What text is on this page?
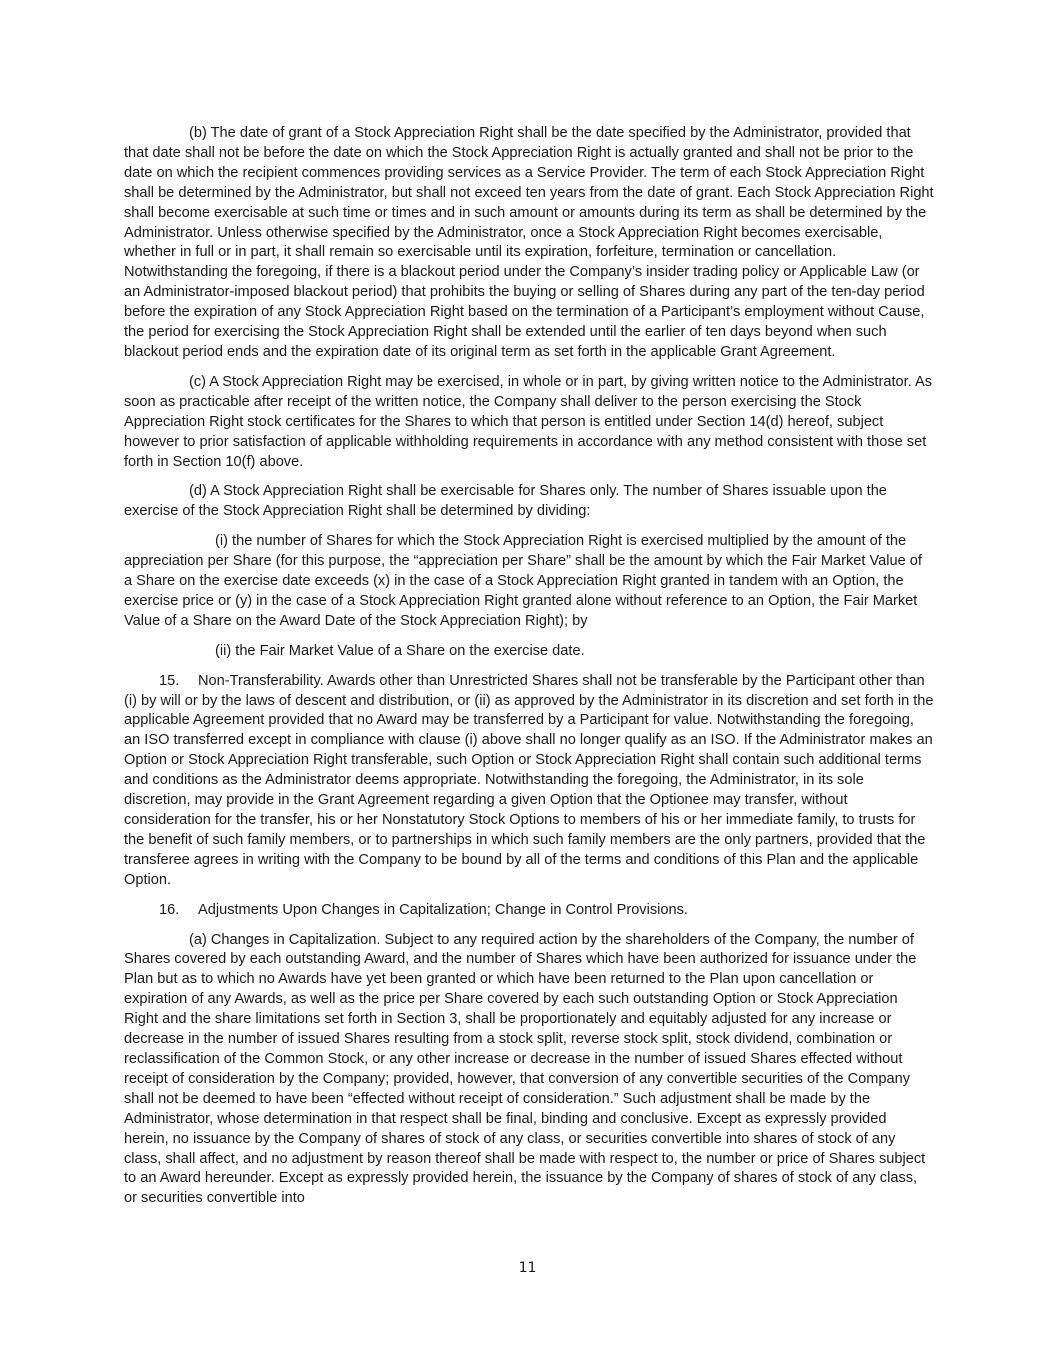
(b) The date of grant of a Stock Appreciation Right shall be the date specified by the Administrator, provided that that date shall not be before the date on which the Stock Appreciation Right is actually granted and shall not be prior to the date on which the recipient commences providing services as a Service Provider. The term of each Stock Appreciation Right shall be determined by the Administrator, but shall not exceed ten years from the date of grant. Each Stock Appreciation Right shall become exercisable at such time or times and in such amount or amounts during its term as shall be determined by the Administrator. Unless otherwise specified by the Administrator, once a Stock Appreciation Right becomes exercisable, whether in full or in part, it shall remain so exercisable until its expiration, forfeiture, termination or cancellation. Notwithstanding the foregoing, if there is a blackout period under the Company’s insider trading policy or Applicable Law (or an Administrator-imposed blackout period) that prohibits the buying or selling of Shares during any part of the ten-day period before the expiration of any Stock Appreciation Right based on the termination of a Participant’s employment without Cause, the period for exercising the Stock Appreciation Right shall be extended until the earlier of ten days beyond when such blackout period ends and the expiration date of its original term as set forth in the applicable Grant Agreement.

(c) A Stock Appreciation Right may be exercised, in whole or in part, by giving written notice to the Administrator. As soon as practicable after receipt of the written notice, the Company shall deliver to the person exercising the Stock Appreciation Right stock certificates for the Shares to which that person is entitled under Section 14(d) hereof, subject however to prior satisfaction of applicable withholding requirements in accordance with any method consistent with those set forth in Section 10(f) above.

(d) A Stock Appreciation Right shall be exercisable for Shares only. The number of Shares issuable upon the exercise of the Stock Appreciation Right shall be determined by dividing:

(i) the number of Shares for which the Stock Appreciation Right is exercised multiplied by the amount of the appreciation per Share (for this purpose, the “appreciation per Share” shall be the amount by which the Fair Market Value of a Share on the exercise date exceeds (x) in the case of a Stock Appreciation Right granted in tandem with an Option, the exercise price or (y) in the case of a Stock Appreciation Right granted alone without reference to an Option, the Fair Market Value of a Share on the Award Date of the Stock Appreciation Right); by

(ii) the Fair Market Value of a Share on the exercise date.

15. Non-Transferability. Awards other than Unrestricted Shares shall not be transferable by the Participant other than (i) by will or by the laws of descent and distribution, or (ii) as approved by the Administrator in its discretion and set forth in the applicable Agreement provided that no Award may be transferred by a Participant for value. Notwithstanding the foregoing, an ISO transferred except in compliance with clause (i) above shall no longer qualify as an ISO. If the Administrator makes an Option or Stock Appreciation Right transferable, such Option or Stock Appreciation Right shall contain such additional terms and conditions as the Administrator deems appropriate. Notwithstanding the foregoing, the Administrator, in its sole discretion, may provide in the Grant Agreement regarding a given Option that the Optionee may transfer, without consideration for the transfer, his or her Nonstatutory Stock Options to members of his or her immediate family, to trusts for the benefit of such family members, or to partnerships in which such family members are the only partners, provided that the transferee agrees in writing with the Company to be bound by all of the terms and conditions of this Plan and the applicable Option.

16. Adjustments Upon Changes in Capitalization; Change in Control Provisions.

(a) Changes in Capitalization. Subject to any required action by the shareholders of the Company, the number of Shares covered by each outstanding Award, and the number of Shares which have been authorized for issuance under the Plan but as to which no Awards have yet been granted or which have been returned to the Plan upon cancellation or expiration of any Awards, as well as the price per Share covered by each such outstanding Option or Stock Appreciation Right and the share limitations set forth in Section 3, shall be proportionately and equitably adjusted for any increase or decrease in the number of issued Shares resulting from a stock split, reverse stock split, stock dividend, combination or reclassification of the Common Stock, or any other increase or decrease in the number of issued Shares effected without receipt of consideration by the Company; provided, however, that conversion of any convertible securities of the Company shall not be deemed to have been “effected without receipt of consideration.” Such adjustment shall be made by the Administrator, whose determination in that respect shall be final, binding and conclusive. Except as expressly provided herein, no issuance by the Company of shares of stock of any class, or securities convertible into shares of stock of any class, shall affect, and no adjustment by reason thereof shall be made with respect to, the number or price of Shares subject to an Award hereunder. Except as expressly provided herein, the issuance by the Company of shares of stock of any class, or securities convertible into

11
